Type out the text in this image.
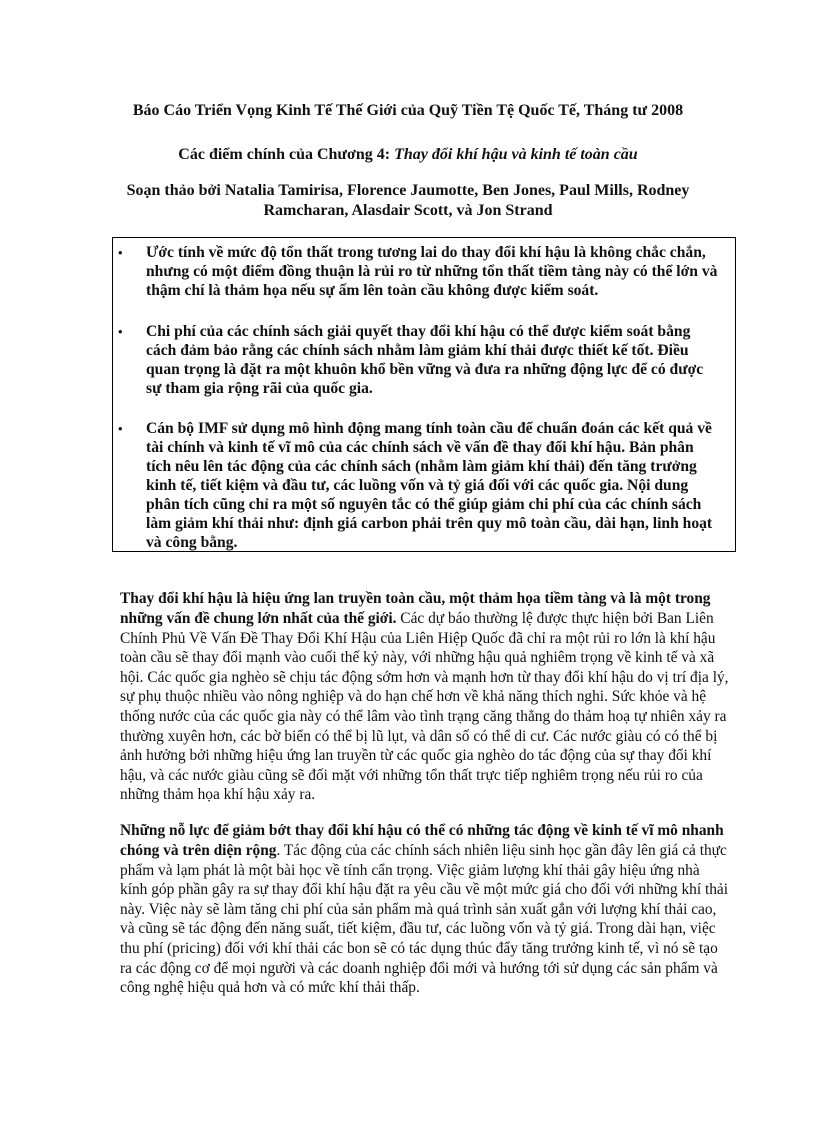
Báo Cáo Triển Vọng Kinh Tế Thế Giới của Quỹ Tiền Tệ Quốc Tế, Tháng tư 2008
Các điểm chính của Chương 4: Thay đổi khí hậu và kinh tế toàn cầu
Soạn thảo bởi Natalia Tamirisa, Florence Jaumotte, Ben Jones, Paul Mills, Rodney Ramcharan, Alasdair Scott, và Jon Strand
• Ước tính về mức độ tổn thất trong tương lai do thay đổi khí hậu là không chắc chắn, nhưng có một điểm đồng thuận là rủi ro từ những tổn thất tiềm tàng này có thể lớn và thậm chí là thảm họa nếu sự ấm lên toàn cầu không được kiểm soát.
• Chi phí của các chính sách giải quyết thay đổi khí hậu có thể được kiểm soát bằng cách đảm bảo rằng các chính sách nhằm làm giảm khí thải được thiết kế tốt. Điều quan trọng là đặt ra một khuôn khổ bền vững và đưa ra những động lực để có được sự tham gia rộng rãi của quốc gia.
• Cán bộ IMF sử dụng mô hình động mang tính toàn cầu để chuẩn đoán các kết quả về tài chính và kinh tế vĩ mô của các chính sách về vấn đề thay đổi khí hậu. Bản phân tích nêu lên tác động của các chính sách (nhằm làm giảm khí thải) đến tăng trưởng kinh tế, tiết kiệm và đầu tư, các luồng vốn và tỷ giá đối với các quốc gia. Nội dung phân tích cũng chỉ ra một số nguyên tắc có thể giúp giảm chi phí của các chính sách làm giảm khí thải như: định giá carbon phải trên quy mô toàn cầu, dài hạn, linh hoạt và công bằng.

Thay đổi khí hậu là hiệu ứng lan truyền toàn cầu, một thảm họa tiềm tàng và là một trong những vấn đề chung lớn nhất của thế giới. Các dự báo thường lệ được thực hiện bởi Ban Liên Chính Phủ Về Vấn Đề Thay Đổi Khí Hậu của Liên Hiệp Quốc đã chỉ ra một rủi ro lớn là khí hậu toàn cầu sẽ thay đổi mạnh vào cuối thế kỷ này, với những hậu quả nghiêm trọng về kinh tế và xã hội. Các quốc gia nghèo sẽ chịu tác động sớm hơn và mạnh hơn từ thay đổi khí hậu do vị trí địa lý, sự phụ thuộc nhiều vào nông nghiệp và do hạn chế hơn về khả năng thích nghi. Sức khỏe và hệ thống nước của các quốc gia này có thể lâm vào tình trạng căng thẳng do thảm hoạ tự nhiên xảy ra thường xuyên hơn, các bờ biển có thể bị lũ lụt, và dân số có thể di cư. Các nước giàu có có thể bị ảnh hưởng bởi những hiệu ứng lan truyền từ các quốc gia nghèo do tác động của sự thay đổi khí hậu, và các nước giàu cũng sẽ đối mặt với những tổn thất trực tiếp nghiêm trọng nếu rủi ro của những thảm họa khí hậu xảy ra.

Những nỗ lực để giảm bớt thay đổi khí hậu có thể có những tác động về kinh tế vĩ mô nhanh chóng và trên diện rộng. Tác động của các chính sách nhiên liệu sinh học gần đây lên giá cả thực phẩm và lạm phát là một bài học về tính cẩn trọng. Việc giảm lượng khí thải gây hiệu ứng nhà kính góp phần gây ra sự thay đổi khí hậu đặt ra yêu cầu về một mức giá cho đối với những khí thải này. Việc này sẽ làm tăng chi phí của sản phẩm mà quá trình sản xuất gắn với lượng khí thải cao, và cũng sẽ tác động đến năng suất, tiết kiệm, đầu tư, các luồng vốn và tỷ giá. Trong dài hạn, việc thu phí (pricing) đối với khí thải các bon sẽ có tác dụng thúc đẩy tăng trưởng kinh tế, vì nó sẽ tạo ra các động cơ để mọi người và các doanh nghiệp đổi mới và hướng tới sử dụng các sản phẩm và công nghệ hiệu quả hơn và có mức khí thải thấp.
